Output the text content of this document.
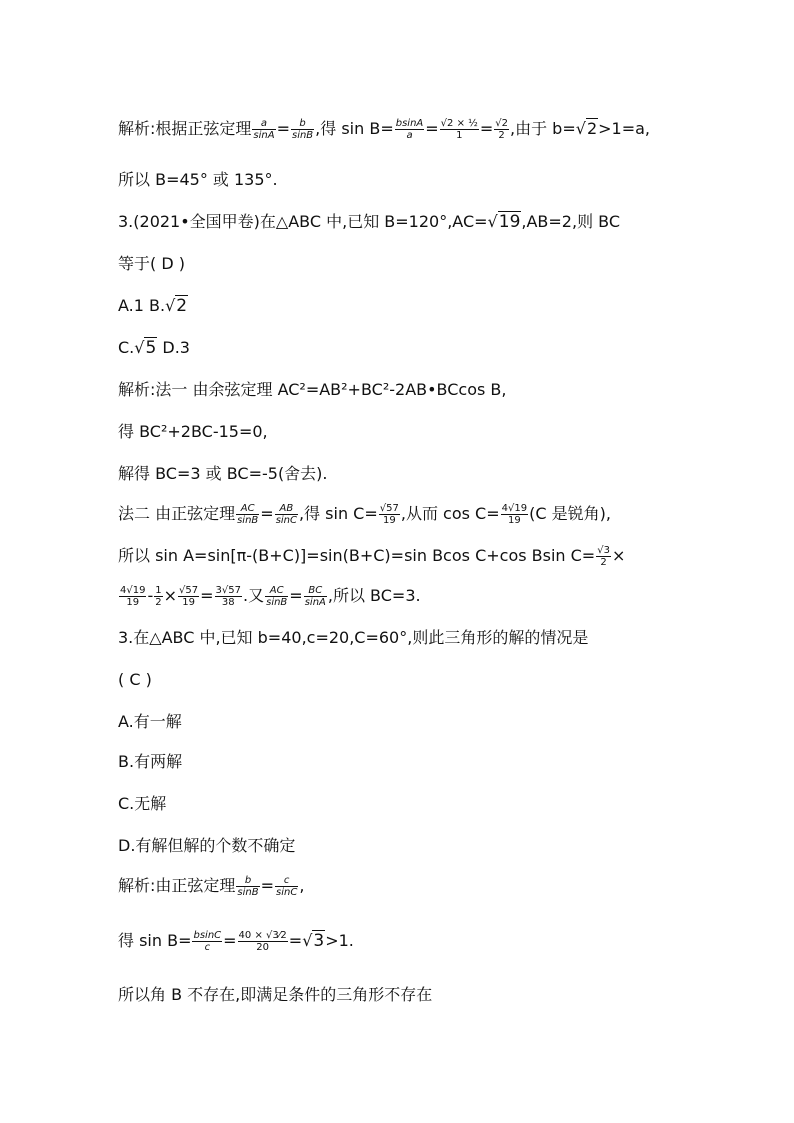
解析:根据正弦定理 $\frac{a}{\sin A} = \frac{b}{\sin B}$ ,得 $\sin B= \frac{bsinA}{a} = \frac{\text{√2 × ½}}{1} = \frac{√2}{2}$ ,由于 b=√2>1=a,
所以 B=45° 或 135°.
3.(2021•全国甲卷)在△ABC 中,已知 B=120°,AC=√19,AB=2,则 BC
等于( D )
A.1 B.√2
C.√5 D.3
解析:法一 由余弦定理 AC²=AB²+BC²-2AB•BCcos B,
得 BC²+2BC-15=0,
解得 BC=3 或 BC=-5(舍去).
法二 由正弦定理 $\frac{AC}{\sin B} = \frac{AB}{\sin C}$ ,得 $\sin C= \frac{√57}{19}$ ,从而 $\cos C= \frac{4√19}{19} (C$ 是锐角),
所以 sin A=sin[π-(B+C)]=sin(B+C)=sin Bcos C+cos Bsin $C= \frac{√3}{2}$ ×
$\frac{4√19}{19} - \frac{1}{2} \times \frac{√57}{19} = \frac{3√57}{38}$ .又 $\frac{AC}{\sin B} = \frac{BC}{\sin A}$ ,所以 BC=3.
3.在△ABC 中,已知 b=40,c=20,C=60°,则此三角形的解的情况是
( C )
A.有一解
B.有两解
C.无解
D.有解但解的个数不确定
解析:由正弦定理 $\frac{b}{\sin B} = \frac{c}{\sin C}$ ,
得 $\sin B= \frac{bsinC}{c} = \frac{40 \times √3⁄2}{20} =√3>1$.
所以角 B 不存在,即满足条件的三角形不存在
